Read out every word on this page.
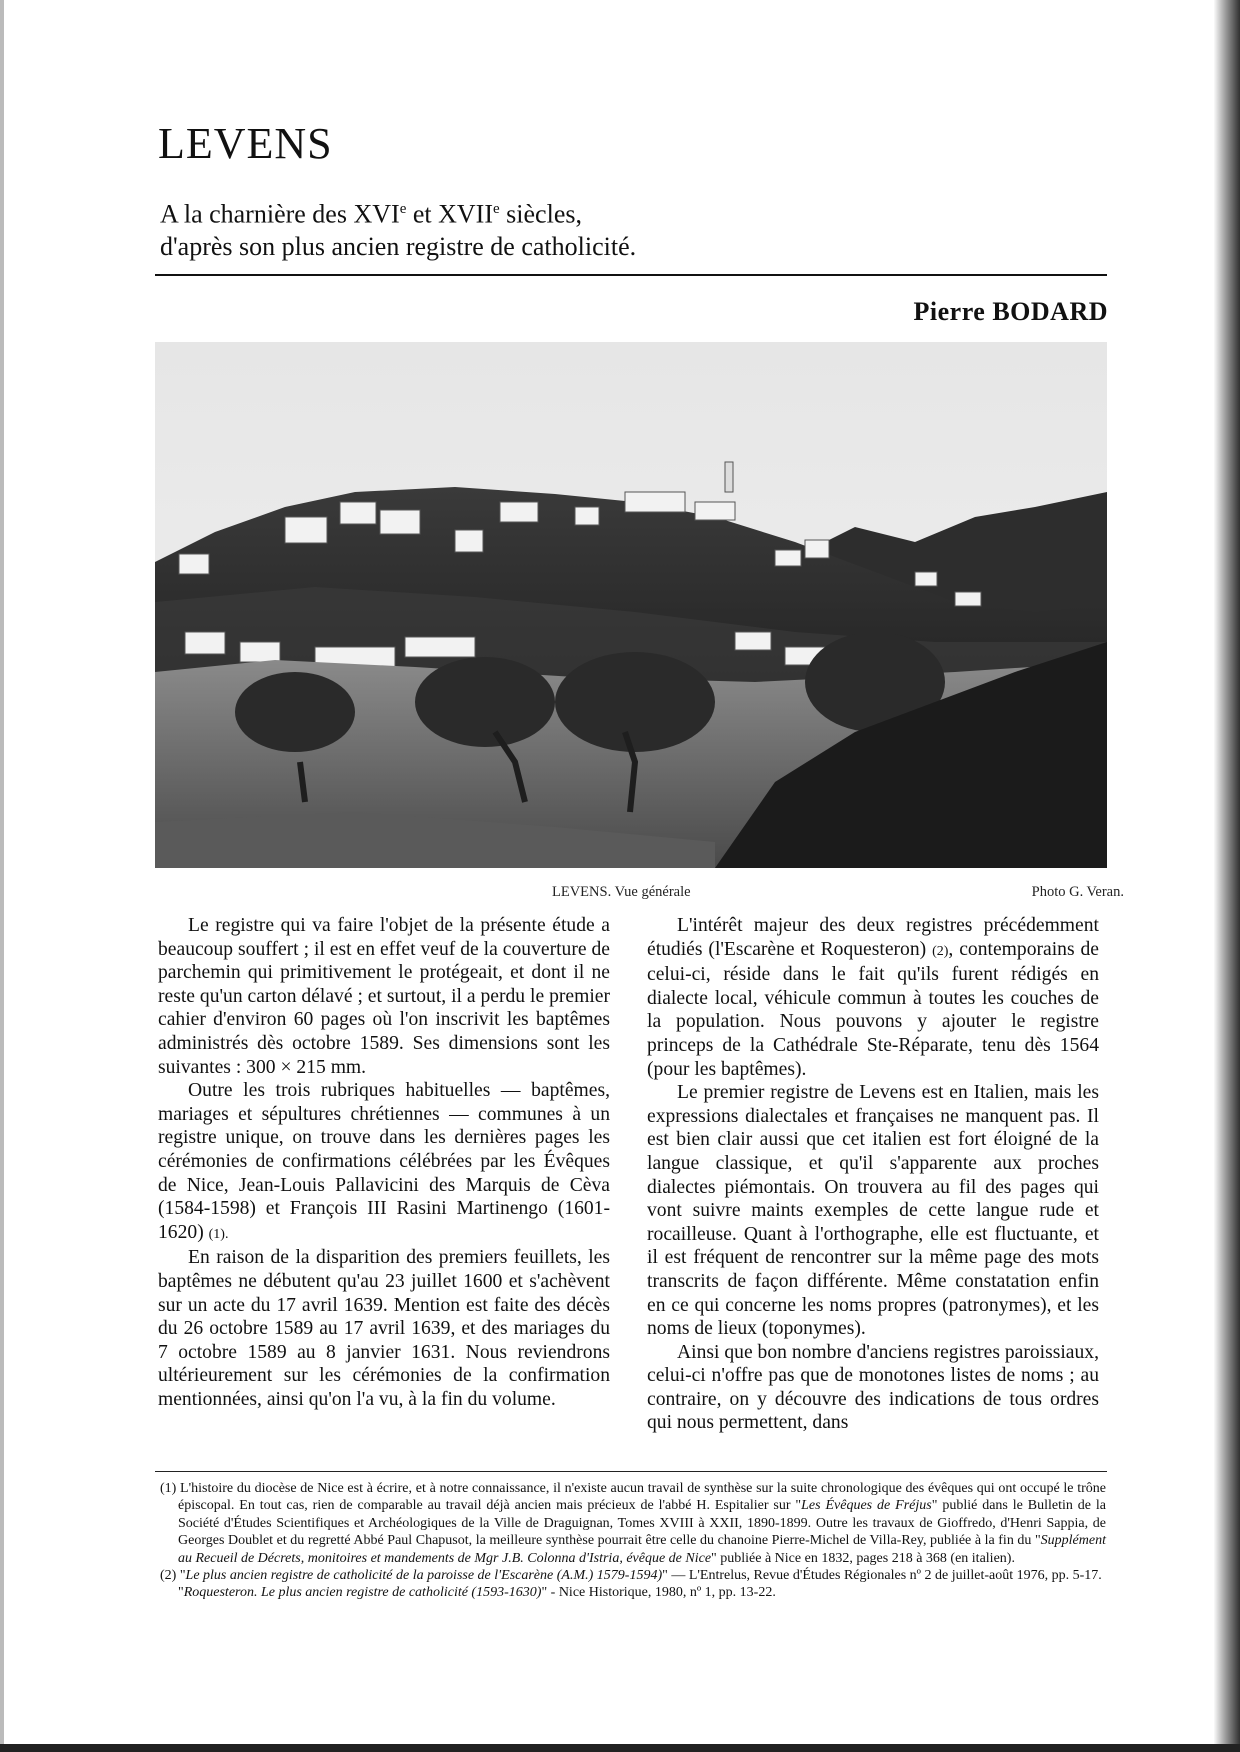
LEVENS
A la charnière des XVIe et XVIIe siècles,
d'après son plus ancien registre de catholicité.
Pierre BODARD
LEVENS. Vue générale	Photo G. Veran.

Le registre qui va faire l'objet de la présente étude a beaucoup souffert ; il est en effet veuf de la couverture de parchemin qui primitivement le protégeait, et dont il ne reste qu'un carton délavé ; et surtout, il a perdu le premier cahier d'environ 60 pages où l'on inscrivit les baptêmes administrés dès octobre 1589. Ses dimensions sont les suivantes : 300 × 215 mm.

Outre les trois rubriques habituelles — baptêmes, mariages et sépultures chrétiennes — communes à un registre unique, on trouve dans les dernières pages les cérémonies de confirmations célébrées par les Évêques de Nice, Jean-Louis Pallavicini des Marquis de Cèva (1584-1598) et François III Rasini Martinengo (1601-1620) (1).

En raison de la disparition des premiers feuillets, les baptêmes ne débutent qu'au 23 juillet 1600 et s'achèvent sur un acte du 17 avril 1639. Mention est faite des décès du 26 octobre 1589 au 17 avril 1639, et des mariages du 7 octobre 1589 au 8 janvier 1631. Nous reviendrons ultérieurement sur les cérémonies de la confirmation mentionnées, ainsi qu'on l'a vu, à la fin du volume.

L'intérêt majeur des deux registres précédemment étudiés (l'Escarène et Roquesteron) (2), contemporains de celui-ci, réside dans le fait qu'ils furent rédigés en dialecte local, véhicule commun à toutes les couches de la population. Nous pouvons y ajouter le registre princeps de la Cathédrale Ste-Réparate, tenu dès 1564 (pour les baptêmes).

Le premier registre de Levens est en Italien, mais les expressions dialectales et françaises ne manquent pas. Il est bien clair aussi que cet italien est fort éloigné de la langue classique, et qu'il s'apparente aux proches dialectes piémontais. On trouvera au fil des pages qui vont suivre maints exemples de cette langue rude et rocailleuse. Quant à l'orthographe, elle est fluctuante, et il est fréquent de rencontrer sur la même page des mots transcrits de façon différente. Même constatation enfin en ce qui concerne les noms propres (patronymes), et les noms de lieux (toponymes).

Ainsi que bon nombre d'anciens registres paroissiaux, celui-ci n'offre pas que de monotones listes de noms ; au contraire, on y découvre des indications de tous ordres qui nous permettent, dans

(1) L'histoire du diocèse de Nice est à écrire, et à notre connaissance, il n'existe aucun travail de synthèse sur la suite chronologique des évêques qui ont occupé le trône épiscopal. En tout cas, rien de comparable au travail déjà ancien mais précieux de l'abbé H. Espitalier sur "Les Évêques de Fréjus" publié dans le Bulletin de la Société d'Études Scientifiques et Archéologiques de la Ville de Draguignan, Tomes XVIII à XXII, 1890-1899. Outre les travaux de Gioffredo, d'Henri Sappia, de Georges Doublet et du regretté Abbé Paul Chapusot, la meilleure synthèse pourrait être celle du chanoine Pierre-Michel de Villa-Rey, publiée à la fin du "Supplément au Recueil de Décrets, monitoires et mandements de Mgr J.B. Colonna d'Istria, évêque de Nice" publiée à Nice en 1832, pages 218 à 368 (en italien).

(2) "Le plus ancien registre de catholicité de la paroisse de l'Escarène (A.M.) 1579-1594)" — L'Entrelus, Revue d'Études Régionales nº 2 de juillet-août 1976, pp. 5-17.

"Roquesteron. Le plus ancien registre de catholicité (1593-1630)" - Nice Historique, 1980, nº 1, pp. 13-22.
